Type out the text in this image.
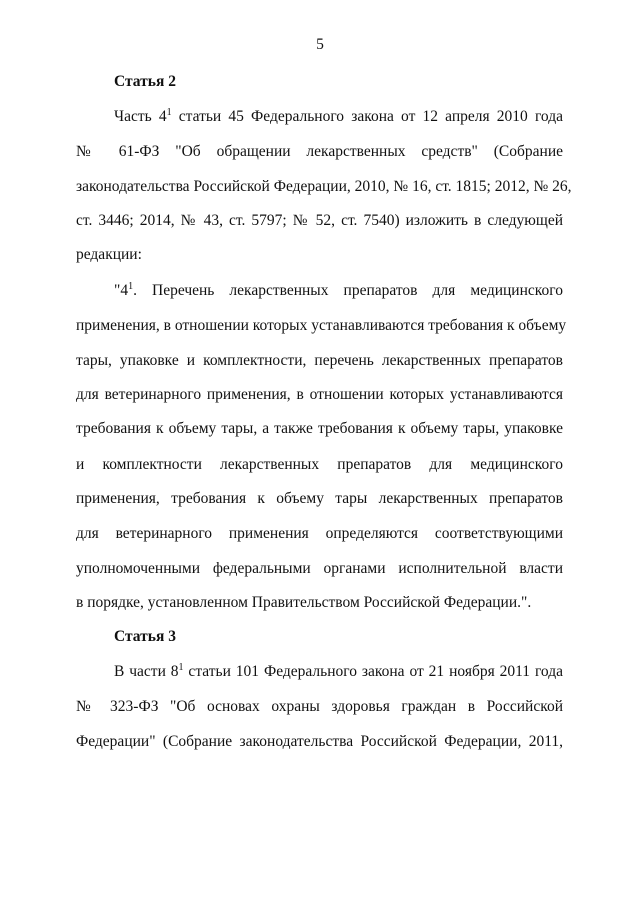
5
Статья 2
Часть $4^1$ статьи 45 Федерального закона от 12 апреля 2010 года
№ 61-ФЗ "Об обращении лекарственных средств" (Собрание
законодательства Российской Федерации, 2010, № 16, ст. 1815; 2012, № 26,
ст. 3446; 2014, № 43, ст. 5797; № 52, ст. 7540) изложить в следующей
редакции:
"$4^1$. Перечень лекарственных препаратов для медицинского
применения, в отношении которых устанавливаются требования к объему
тары, упаковке и комплектности, перечень лекарственных препаратов
для ветеринарного применения, в отношении которых устанавливаются
требования к объему тары, а также требования к объему тары, упаковке
и комплектности лекарственных препаратов для медицинского
применения, требования к объему тары лекарственных препаратов
для ветеринарного применения определяются соответствующими
уполномоченными федеральными органами исполнительной власти
в порядке, установленном Правительством Российской Федерации.".
Статья 3
В части $8^1$ статьи 101 Федерального закона от 21 ноября 2011 года
№ 323-ФЗ "Об основах охраны здоровья граждан в Российской
Федерации" (Собрание законодательства Российской Федерации, 2011,
